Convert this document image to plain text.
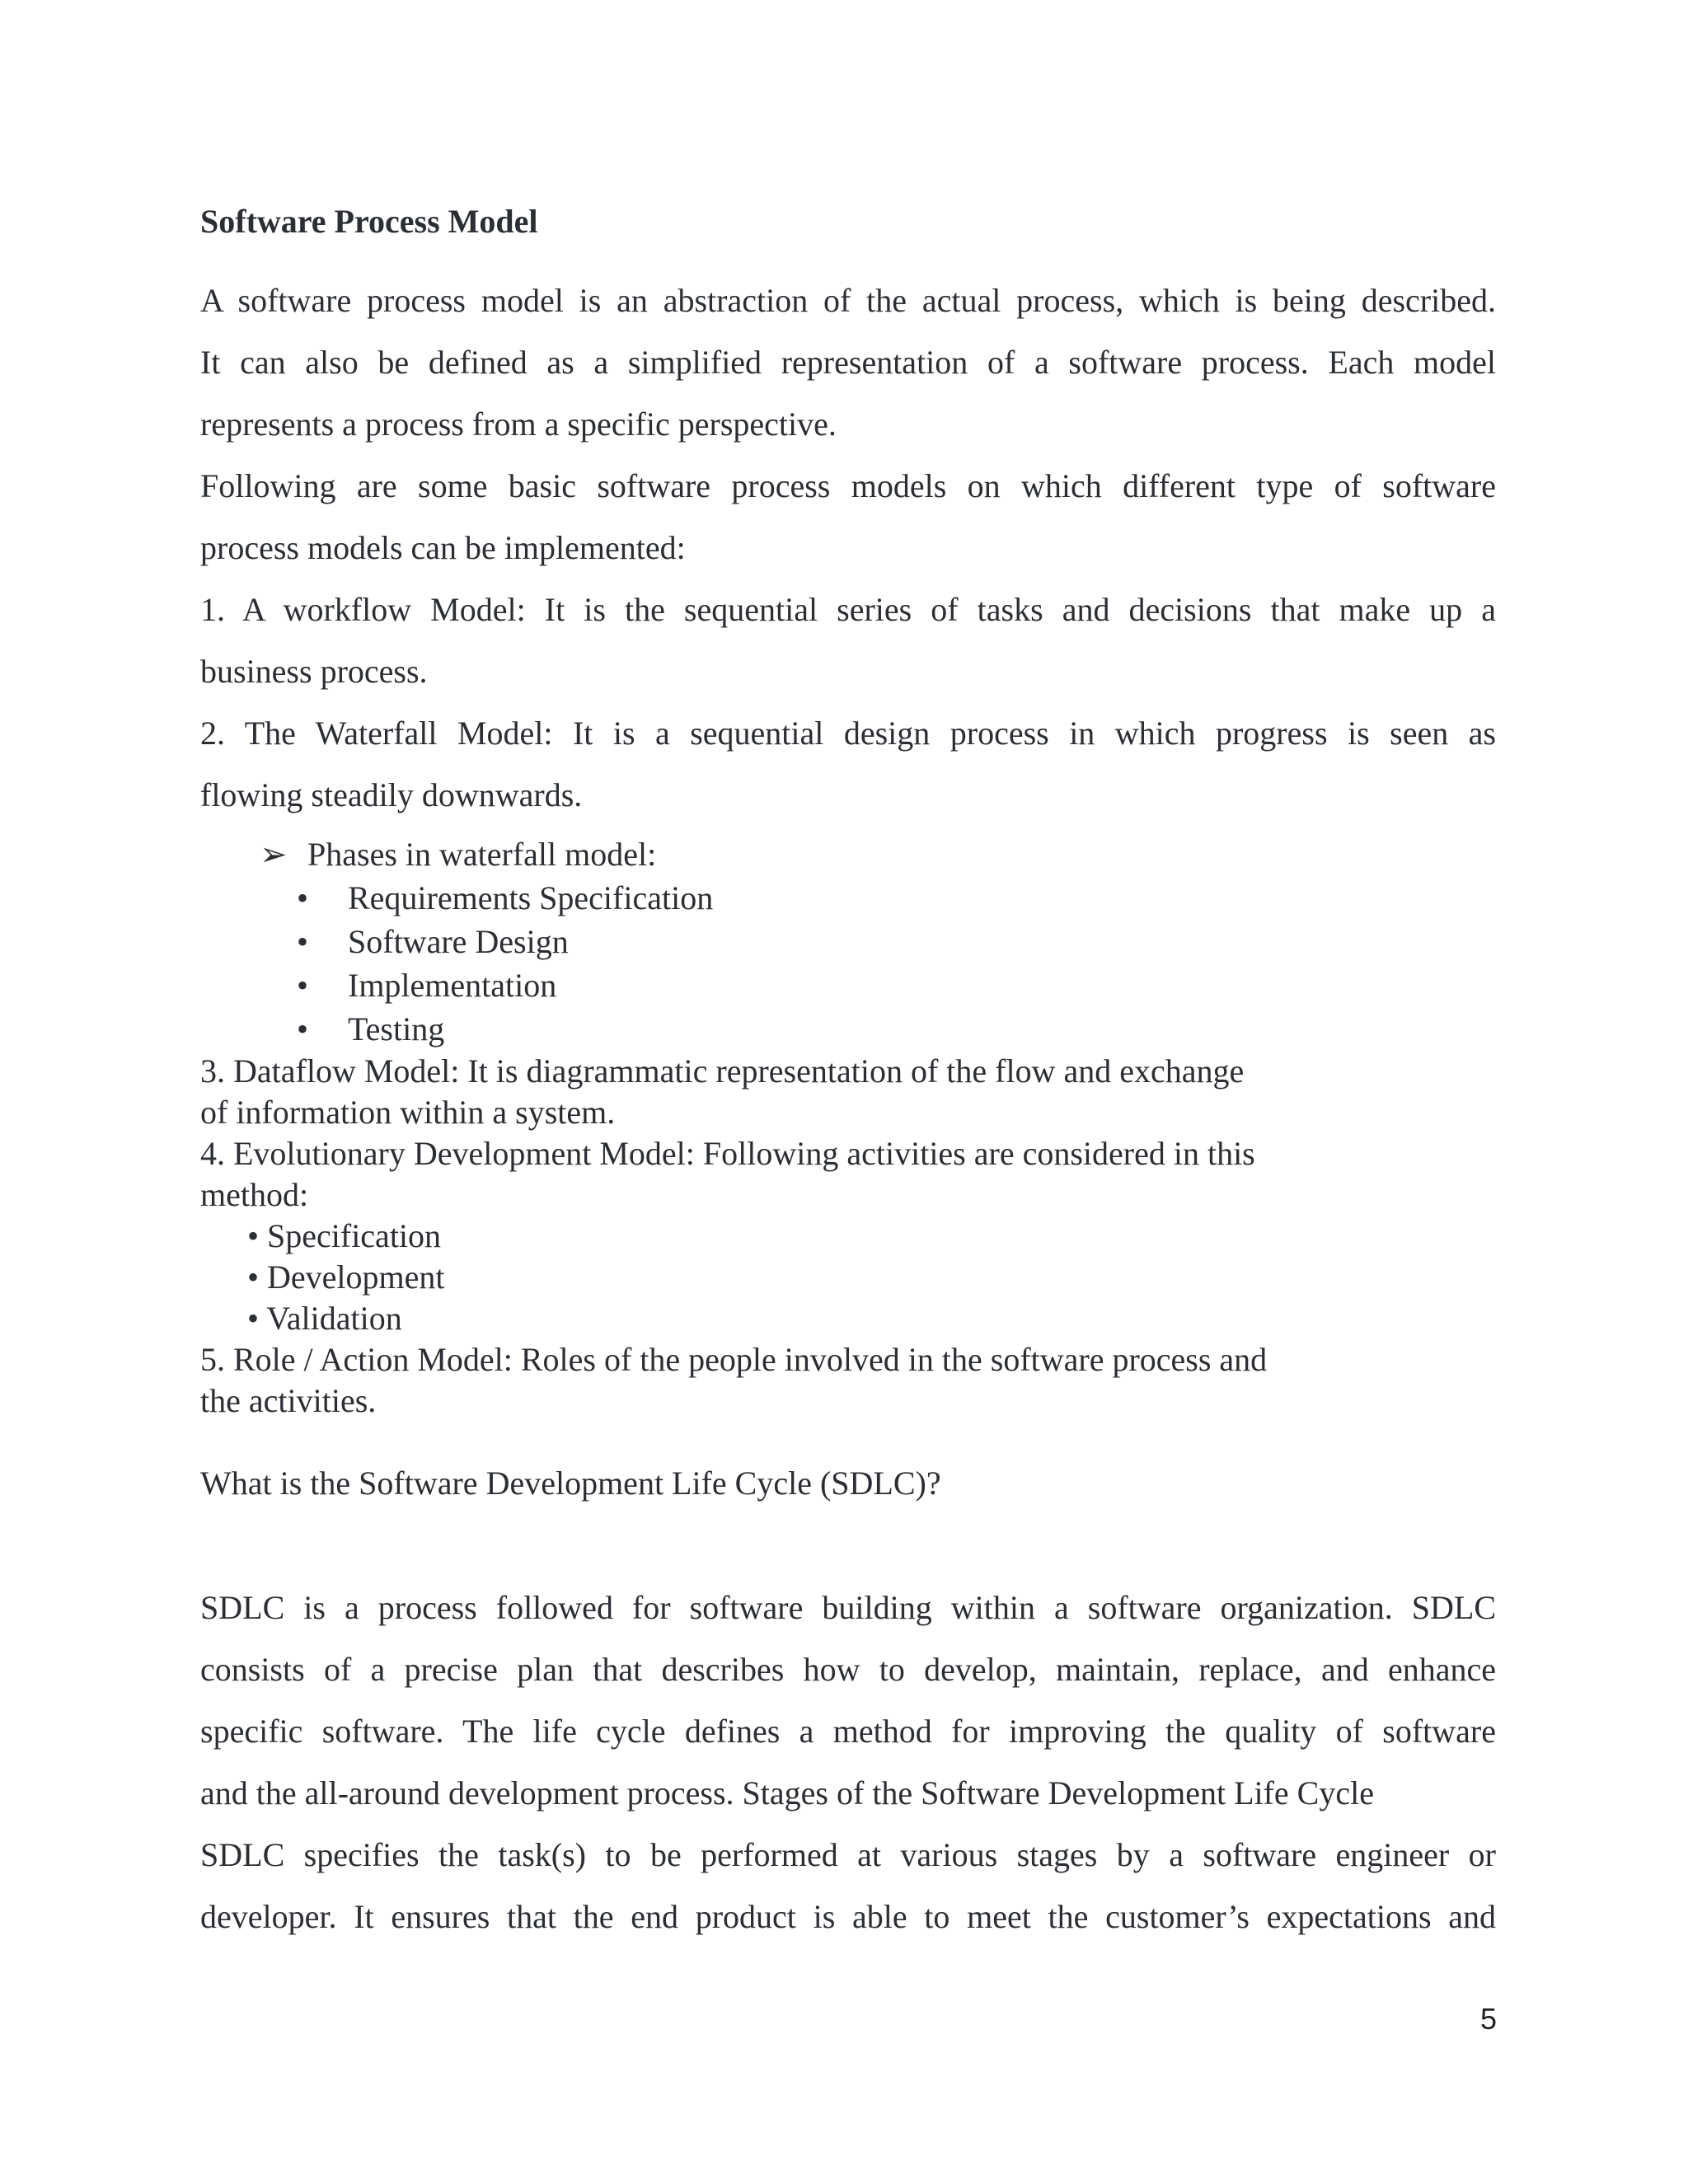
Software Process Model
A software process model is an abstraction of the actual process, which is being described.
It can also be defined as a simplified representation of a software process. Each model
represents a process from a specific perspective.
Following are some basic software process models on which different type of software
process models can be implemented:
1. A workflow Model: It is the sequential series of tasks and decisions that make up a
business process.
2. The Waterfall Model: It is a sequential design process in which progress is seen as
flowing steadily downwards.
➢ Phases in waterfall model:
• Requirements Specification
• Software Design
• Implementation
• Testing
3. Dataflow Model: It is diagrammatic representation of the flow and exchange
of information within a system.
4. Evolutionary Development Model: Following activities are considered in this
method:
• Specification
• Development
• Validation
5. Role / Action Model: Roles of the people involved in the software process and
the activities.
What is the Software Development Life Cycle (SDLC)?
SDLC is a process followed for software building within a software organization. SDLC
consists of a precise plan that describes how to develop, maintain, replace, and enhance
specific software. The life cycle defines a method for improving the quality of software
and the all-around development process. Stages of the Software Development Life Cycle
SDLC specifies the task(s) to be performed at various stages by a software engineer or
developer. It ensures that the end product is able to meet the customer’s expectations and
5
